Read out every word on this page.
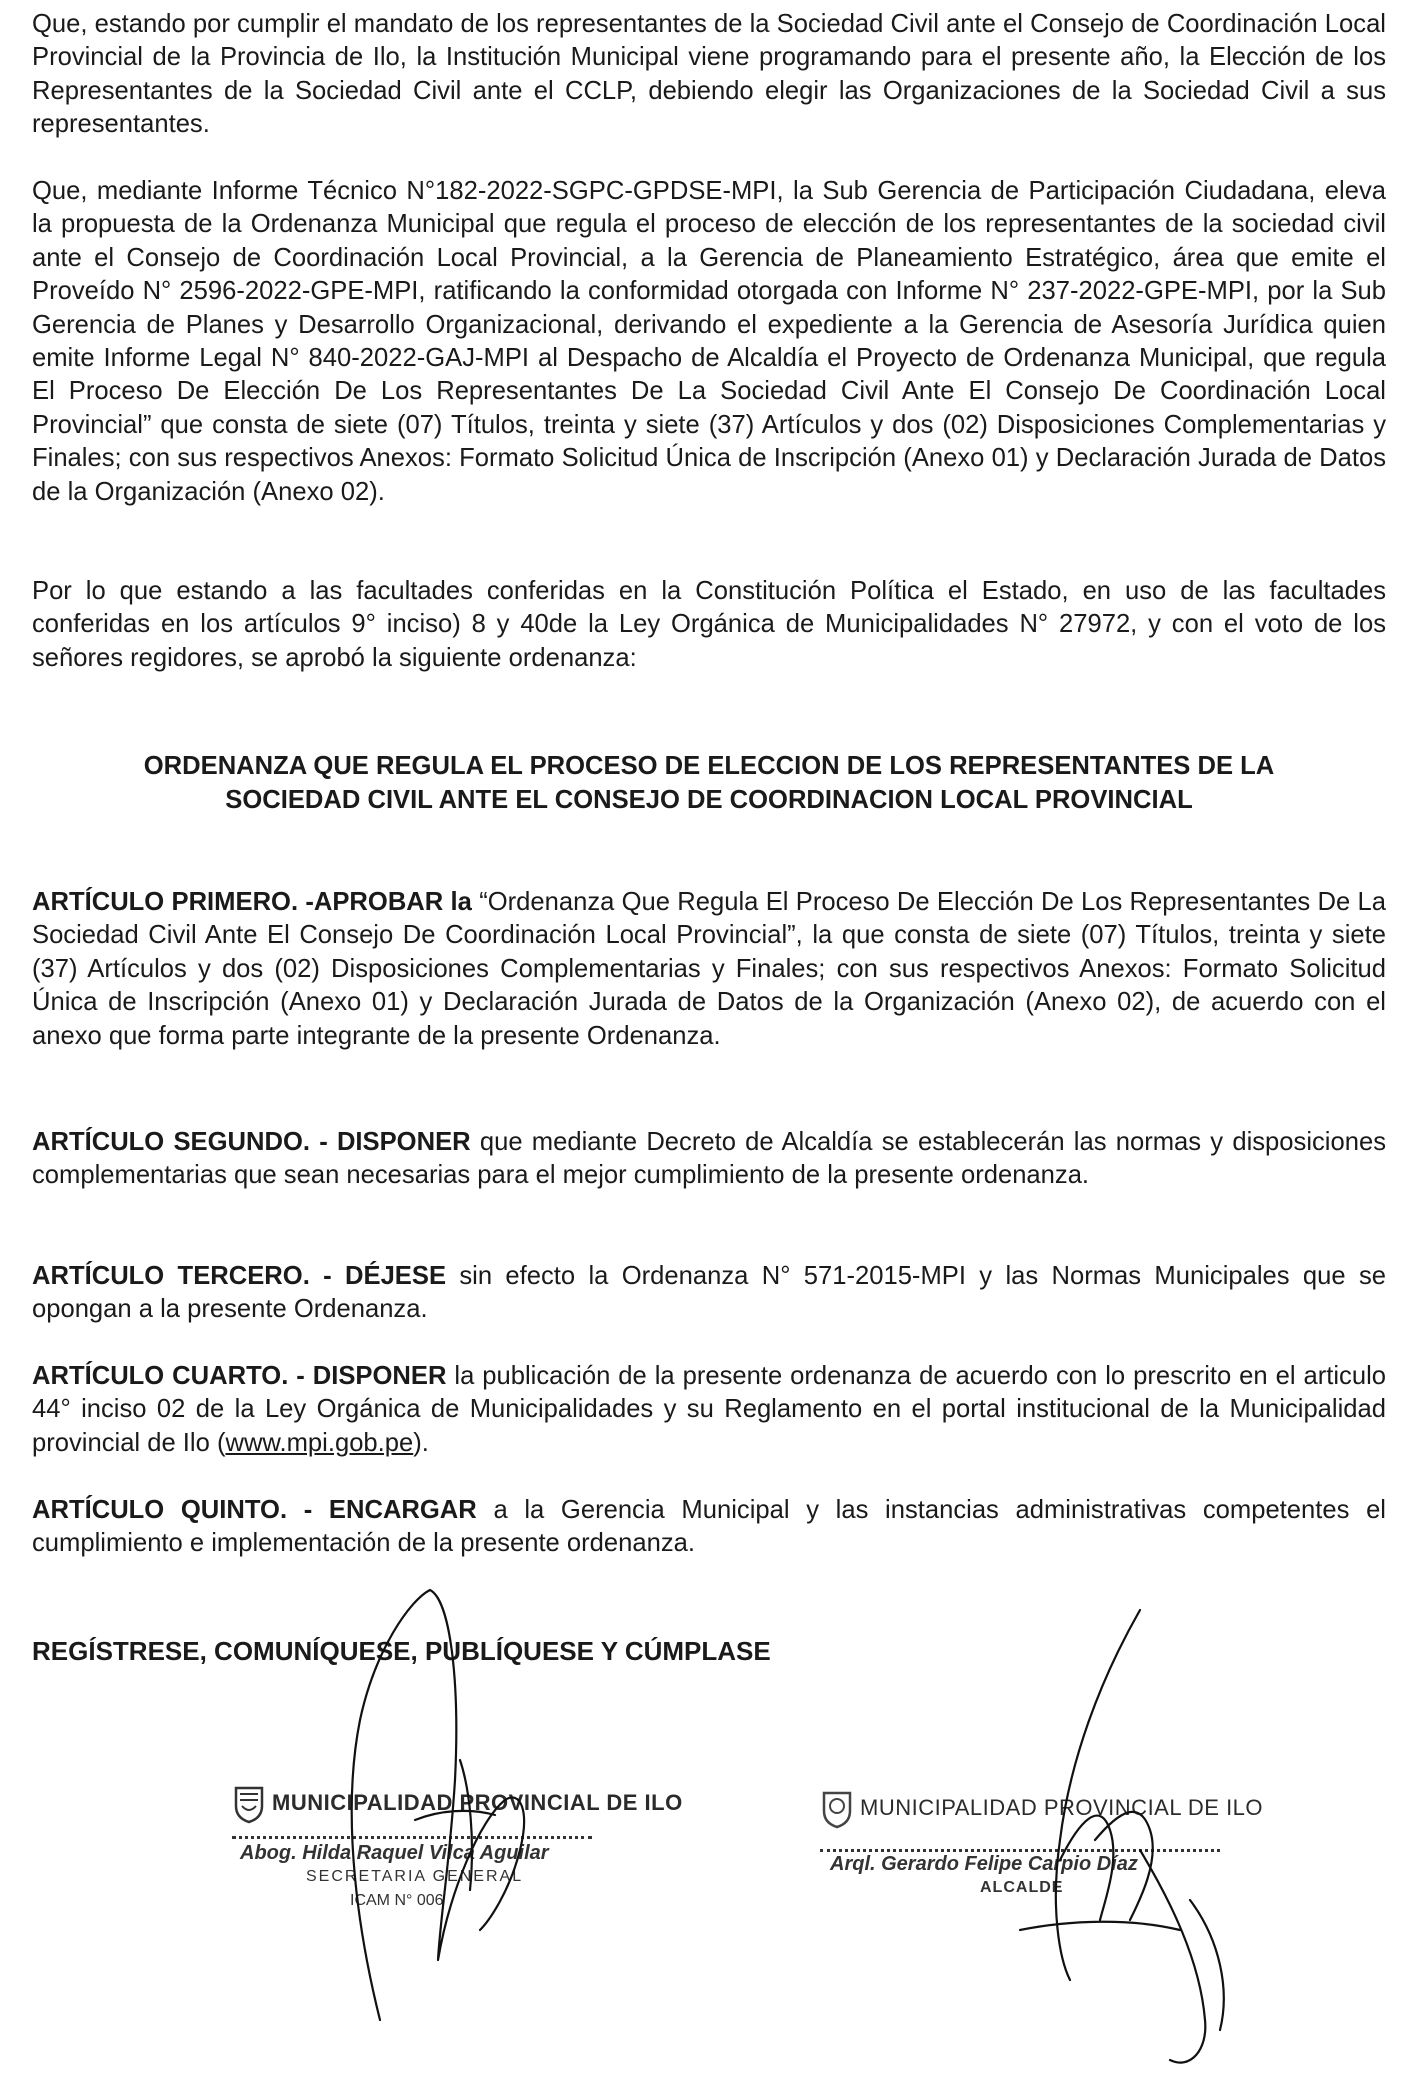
Que, estando por cumplir el mandato de los representantes de la Sociedad Civil ante el Consejo de Coordinación Local Provincial de la Provincia de Ilo, la Institución Municipal viene programando para el presente año, la Elección de los Representantes de la Sociedad Civil ante el CCLP, debiendo elegir las Organizaciones de la Sociedad Civil a sus representantes.

Que, mediante Informe Técnico N°182-2022-SGPC-GPDSE-MPI, la Sub Gerencia de Participación Ciudadana, eleva la propuesta de la Ordenanza Municipal que regula el proceso de elección de los representantes de la sociedad civil ante el Consejo de Coordinación Local Provincial, a la Gerencia de Planeamiento Estratégico, área que emite el Proveído N° 2596-2022-GPE-MPI, ratificando la conformidad otorgada con Informe N° 237-2022-GPE-MPI, por la Sub Gerencia de Planes y Desarrollo Organizacional, derivando el expediente a la Gerencia de Asesoría Jurídica quien emite Informe Legal N° 840-2022-GAJ-MPI al Despacho de Alcaldía el Proyecto de Ordenanza Municipal, que regula El Proceso De Elección De Los Representantes De La Sociedad Civil Ante El Consejo De Coordinación Local Provincial” que consta de siete (07) Títulos, treinta y siete (37) Artículos y dos (02) Disposiciones Complementarias y Finales; con sus respectivos Anexos: Formato Solicitud Única de Inscripción (Anexo 01) y Declaración Jurada de Datos de la Organización (Anexo 02).

Por lo que estando a las facultades conferidas en la Constitución Política el Estado, en uso de las facultades conferidas en los artículos 9° inciso) 8 y 40de la Ley Orgánica de Municipalidades N° 27972, y con el voto de los señores regidores, se aprobó la siguiente ordenanza:

ORDENANZA QUE REGULA EL PROCESO DE ELECCION DE LOS REPRESENTANTES DE LA
SOCIEDAD CIVIL ANTE EL CONSEJO DE COORDINACION LOCAL PROVINCIAL

ARTÍCULO PRIMERO. -APROBAR la “Ordenanza Que Regula El Proceso De Elección De Los Representantes De La Sociedad Civil Ante El Consejo De Coordinación Local Provincial”, la que consta de siete (07) Títulos, treinta y siete (37) Artículos y dos (02) Disposiciones Complementarias y Finales; con sus respectivos Anexos: Formato Solicitud Única de Inscripción (Anexo 01) y Declaración Jurada de Datos de la Organización (Anexo 02), de acuerdo con el anexo que forma parte integrante de la presente Ordenanza.

ARTÍCULO SEGUNDO. - DISPONER que mediante Decreto de Alcaldía se establecerán las normas y disposiciones complementarias que sean necesarias para el mejor cumplimiento de la presente ordenanza.

ARTÍCULO TERCERO. - DÉJESE sin efecto la Ordenanza N° 571-2015-MPI y las Normas Municipales que se opongan a la presente Ordenanza.

ARTÍCULO CUARTO. - DISPONER la publicación de la presente ordenanza de acuerdo con lo prescrito en el articulo 44° inciso 02 de la Ley Orgánica de Municipalidades y su Reglamento en el portal institucional de la Municipalidad provincial de Ilo (www.mpi.gob.pe).

ARTÍCULO QUINTO. - ENCARGAR a la Gerencia Municipal y las instancias administrativas competentes el cumplimiento e implementación de la presente ordenanza.

REGÍSTRESE, COMUNÍQUESE, PUBLÍQUESE Y CÚMPLASE
MUNICIPALIDAD PROVINCIAL DE ILO
Abog. Hilda Raquel Vilca Aguilar
SECRETARIA GENERAL
ICAM N° 006
MUNICIPALIDAD PROVINCIAL DE ILO
Arql. Gerardo Felipe Carpio Díaz
ALCALDE
